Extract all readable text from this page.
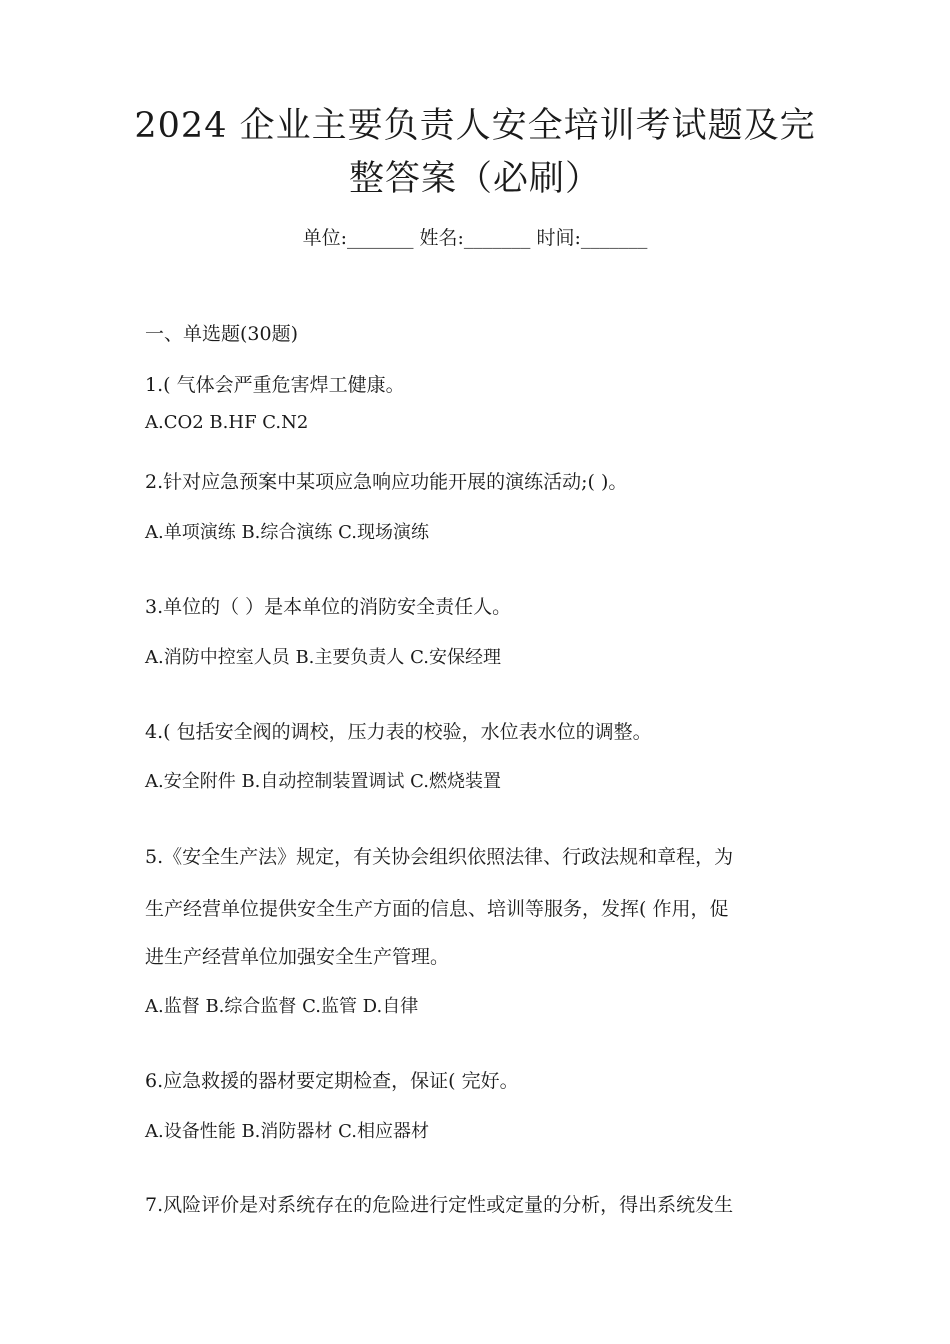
2024 企业主要负责人安全培训考试题及完
整答案（必刷）
单位:_______ 姓名:_______ 时间:_______
一、单选题(30题)
1.( 气体会严重危害焊工健康。
A.CO2 B.HF C.N2
2.针对应急预案中某项应急响应功能开展的演练活动;( )。
A.单项演练 B.综合演练 C.现场演练
3.单位的（ ）是本单位的消防安全责任人。
A.消防中控室人员 B.主要负责人 C.安保经理
4.( 包括安全阀的调校，压力表的校验，水位表水位的调整。
A.安全附件 B.自动控制装置调试 C.燃烧装置
5.《安全生产法》规定，有关协会组织依照法律、行政法规和章程，为
生产经营单位提供安全生产方面的信息、培训等服务，发挥( 作用，促
进生产经营单位加强安全生产管理。
A.监督 B.综合监督 C.监管 D.自律
6.应急救援的器材要定期检查，保证( 完好。
A.设备性能 B.消防器材 C.相应器材
7.风险评价是对系统存在的危险进行定性或定量的分析，得出系统发生
